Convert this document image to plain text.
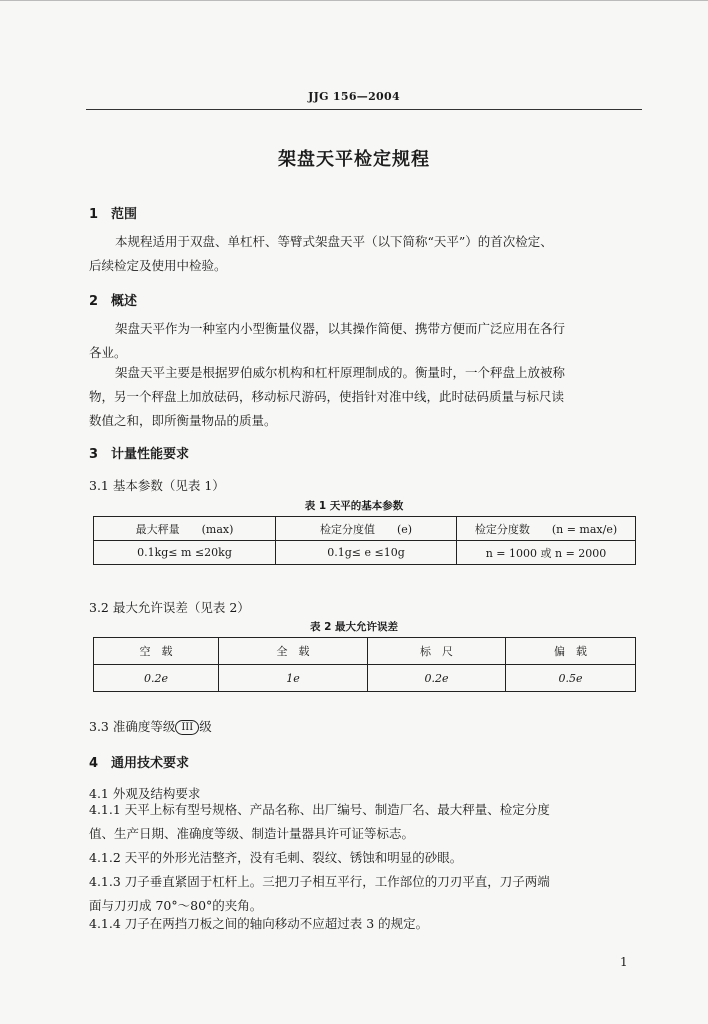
JJG 156—2004
架盘天平检定规程
1 范围
本规程适用于双盘、单杠杆、等臂式架盘天平（以下简称“天平”）的首次检定、
后续检定及使用中检验。
2 概述
架盘天平作为一种室内小型衡量仪器，以其操作简便、携带方便而广泛应用在各行
各业。
架盘天平主要是根据罗伯威尔机构和杠杆原理制成的。衡量时，一个秤盘上放被称
物，另一个秤盘上加放砝码，移动标尺游码，使指针对准中线，此时砝码质量与标尺读
数值之和，即所衡量物品的质量。
3 计量性能要求
3.1 基本参数（见表 1）
表 1 天平的基本参数
最大秤量　　(max)	检定分度值　　(e)	检定分度数　　(n = max/e)
0.1kg≤ m ≤20kg	0.1g≤ e ≤10g	n = 1000 或 n = 2000
3.2 最大允许误差（见表 2）
表 2 最大允许误差
空　载	全　载	标　尺	偏　载
0.2e	1e	0.2e	0.5e
3.3 准确度等级 III 级
4 通用技术要求
4.1 外观及结构要求
4.1.1 天平上标有型号规格、产品名称、出厂编号、制造厂名、最大秤量、检定分度
值、生产日期、准确度等级、制造计量器具许可证等标志。
4.1.2 天平的外形光洁整齐，没有毛刺、裂纹、锈蚀和明显的砂眼。
4.1.3 刀子垂直紧固于杠杆上。三把刀子相互平行，工作部位的刀刃平直，刀子两端
面与刀刃成 70°～80°的夹角。
4.1.4 刀子在两挡刀板之间的轴向移动不应超过表 3 的规定。
1
